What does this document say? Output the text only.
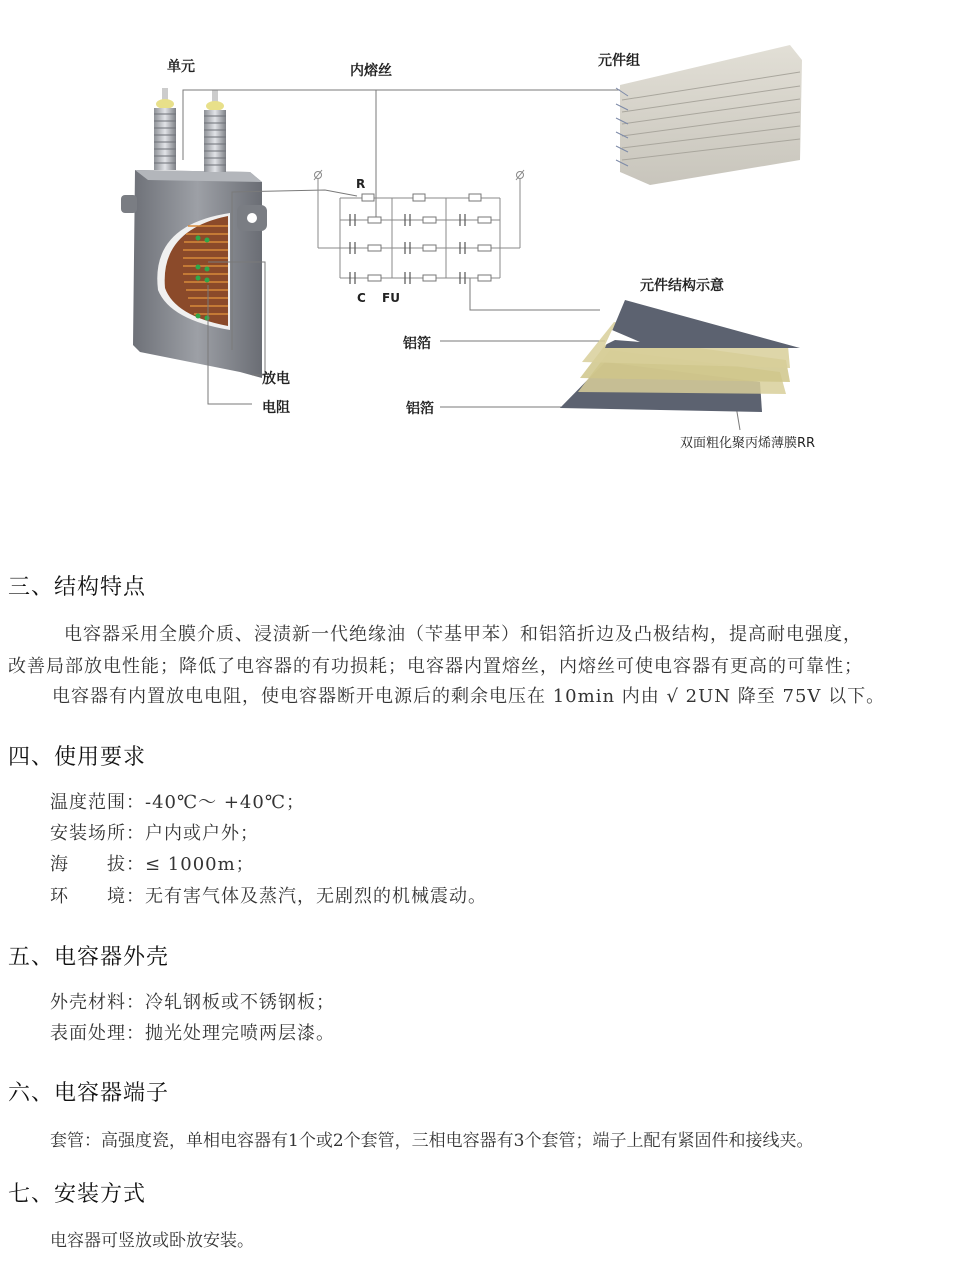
单元	内熔丝
元件组
R
C FU
元件结构示意
铝箔
铝箔
放电
电阻
双面粗化聚丙烯薄膜RR
三、结构特点
电容器采用全膜介质、浸渍新一代绝缘油（苄基甲苯）和铝箔折边及凸极结构，提高耐电强度，
改善局部放电性能；降低了电容器的有功损耗；电容器内置熔丝，内熔丝可使电容器有更高的可靠性；
电容器有内置放电电阻，使电容器断开电源后的剩余电压在 10min 内由 √ 2UN 降至 75V 以下。
四、使用要求
温度范围：-40℃～ +40℃；
安装场所：户内或户外；
海　　拔：≤ 1000m；
环　　境：无有害气体及蒸汽，无剧烈的机械震动。
五、电容器外壳
外壳材料：冷轧钢板或不锈钢板；
表面处理：抛光处理完喷两层漆。
六、电容器端子
套管：高强度瓷，单相电容器有1个或2个套管，三相电容器有3个套管；端子上配有紧固件和接线夹。
七、安装方式
电容器可竖放或卧放安装。
